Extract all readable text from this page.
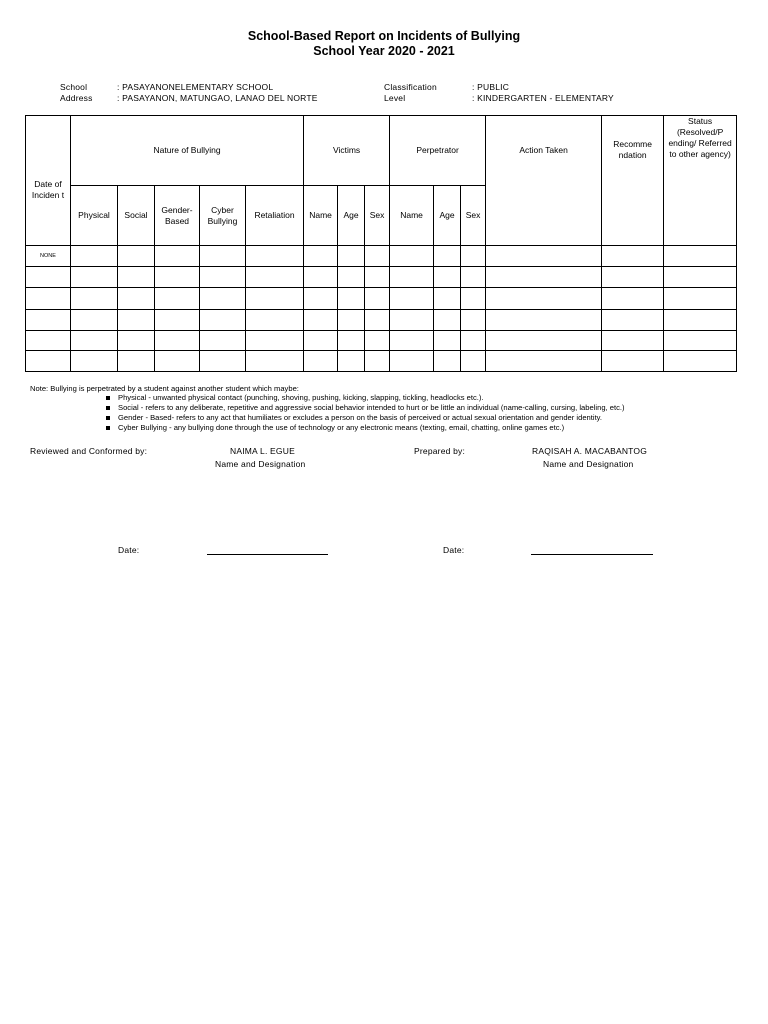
School-Based Report on Incidents of Bullying
School Year 2020 - 2021
School	: PASAYANONELEMENTARY SCHOOL
Address	: PASAYANON, MATUNGAO, LANAO DEL NORTE
Classification	: PUBLIC
Level	: KINDERGARTEN - ELEMENTARY
Date of Inciden t	Nature of Bullying					Victims			Perpetrator			Action Taken	Recomme ndation	Status (Resolved/P ending/ Referred to other agency)
	Physical	Social	Gender-Based	Cyber Bullying	Retaliation	Name	Age	Sex	Name	Age	Sex			
NONE														

Note: Bullying is perpetrated by a student against another student which maybe:
Physical - unwanted physical contact (punching, shoving, pushing, kicking, slapping, tickling, headlocks etc.).
Social - refers to any deliberate, repetitive and aggressive social behavior intended to hurt or be little an individual (name-calling, cursing, labeling, etc.)
Gender - Based- refers to any act that humiliates or excludes a person on the basis of perceived or actual sexual orientation and gender identity.
Cyber Bullying - any bullying done through the use of technology or any electronic means (texting, email, chatting, online games etc.)
Reviewed and Conformed by:	NAIMA L. EGUE
Name and Designation
Prepared by:	RAQISAH A. MACABANTOG
Name and Designation
Date:	Date:
